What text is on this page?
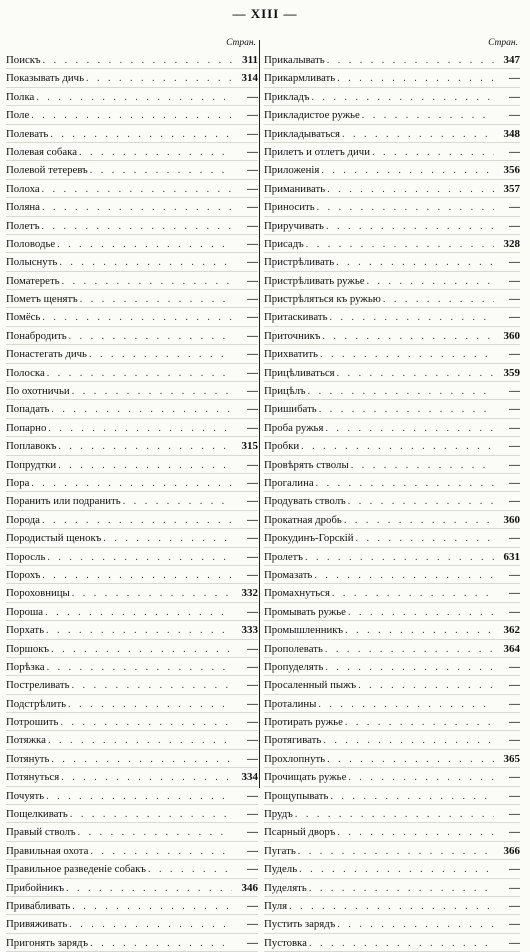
— XIII —
Стран.
Поискъ . . .	311
Показывать дичь . . .	314
Полка . . .	—
Поле . . .	—
Полевать . . .	—
Полевая собака . . .	—
Полевой тетеревъ . . .	—
Полоха . . .	—
Поляна . . .	—
Полетъ . . .	—
Половодье . . .	—
Полыснуть . . .	—
Поматереть . . .	—
Пометъ щенятъ . . .	—
Помёсь . . .	—
Понабродить . . .	—
Понастегать дичь . . .	—
Полоска . . .	—
По охотничьи . . .	—
Попадать . . .	—
Попарно . . .	—
Поплавокъ . . .	315
Попрудтки . . .	—
Пора . . .	—
Поранить или подранить . . .	—
Порода . . .	—
Породистый щенокъ . . .	—
Поросль . . .	—
Порохъ . . .	—
Пороховницы . . .	332
Пороша . . .	—
Порхать . . .	333
Поршокъ . . .	—
Порѣзка . . .	—
Постреливать . . .	—
Подстрѣлить . . .	—
Потрошить . . .	—
Потяжка . . .	—
Потянуть . . .	—
Потянуться . . .	334
Почуять . . .	—
Пощелкивать . . .	—
Правый стволъ . . .	—
Правильная охота . . .	—
Правильное разведеніе собакъ . . .	—
Прибойникъ . . .	346
Привабливать . . .	—
Привяживать . . .	—
Пригонять зарядъ . . .	—
Стран.
Прикалывать . . .	347
Прикармливать . . .	—
Прикладъ . . .	—
Прикладистое ружье . . .	—
Прикладываться . . .	348
Прилетъ и отлетъ дичи . . .	—
Приложенія . . .	356
Приманивать . . .	357
Приносить . . .	—
Приручивать . . .	—
Присадъ . . .	328
Пристрѣливать . . .	—
Пристрѣливать ружье . . .	—
Пристрѣляться къ ружью . . .	—
Притаскивать . . .	—
Приточникъ . . .	360
Прихватить . . .	—
Прицѣливаться . . .	359
Прицѣлъ . . .	—
Пришибать . . .	—
Проба ружья . . .	—
Пробки . . .	—
Провѣрять стволы . . .	—
Прогалина . . .	—
Продувать стволъ . . .	—
Прокатная дробь . . .	360
Прокудинъ-Горскій . . .	—
Пролетъ . . .	631
Промазать . . .	—
Промахнуться . . .	—
Промывать ружье . . .	—
Промышленникъ . . .	362
Прополевать . . .	364
Пропуделять . . .	—
Просаленный пыжъ . . .	—
Проталины . . .	—
Протирать ружье . . .	—
Протягивать . . .	—
Прохлопнуть . . .	365
Прочищать ружье . . .	—
Прощупывать . . .	—
Прудъ . . .	—
Псарный дворъ . . .	—
Пугать . . .	366
Пудель . . .	—
Пуделять . . .	—
Пуля . . .	—
Пустить зарядъ . . .	—
Пустовка . . .	—
